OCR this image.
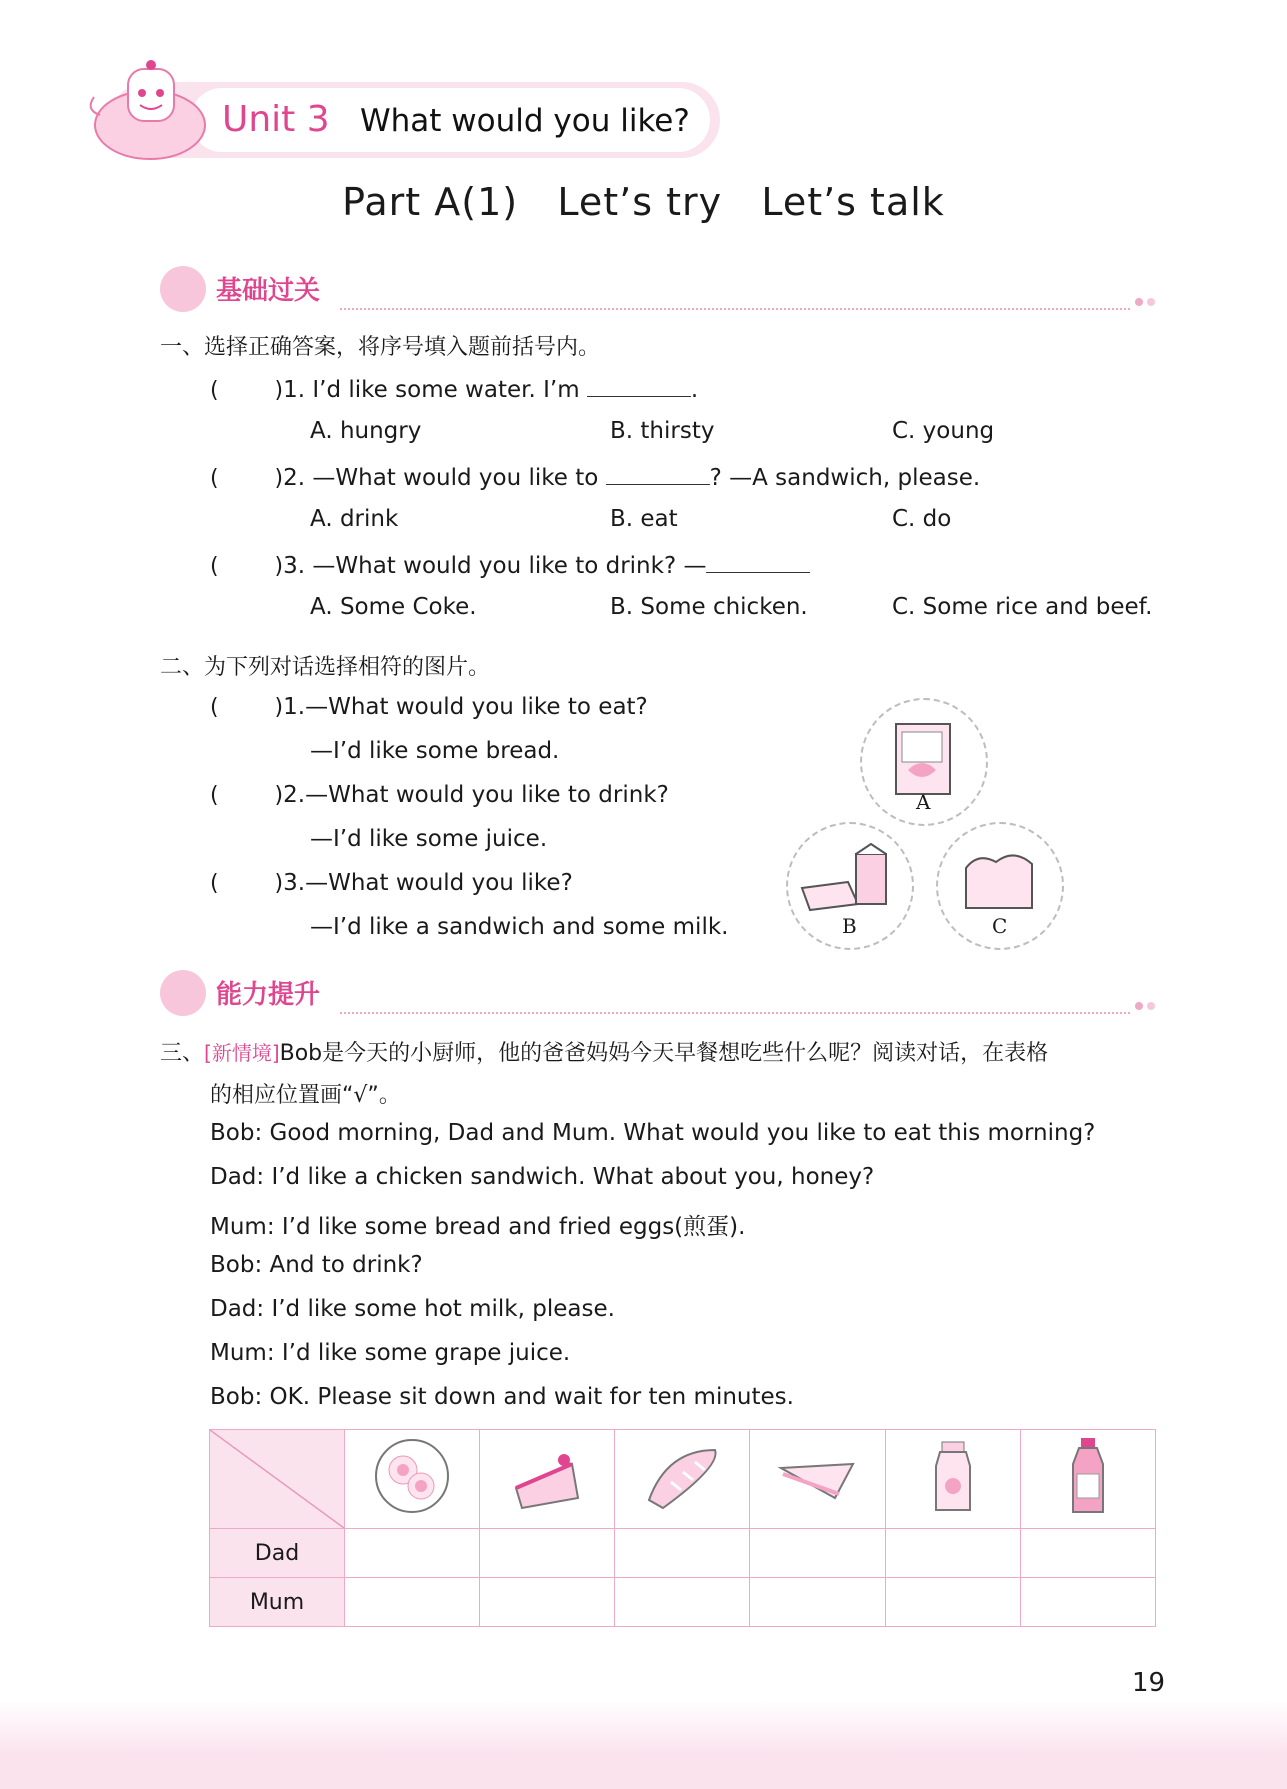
Unit 3 What would you like?
Part A(1)   Let’s try   Let’s talk
基础过关
一、选择正确答案，将序号填入题前括号内。
(        )1. I’d like some water. I’m	.
A. hungry	B. thirsty	C. young
(        )2. —What would you like to	? —A sandwich, please.
A. drink	B. eat	C. do
(        )3. —What would you like to drink? —
A. Some Coke.	B. Some chicken.	C. Some rice and beef.
二、为下列对话选择相符的图片。
(        )1.—What would you like to eat?
—I’d like some bread.
(        )2.—What would you like to drink?
—I’d like some juice.
(        )3.—What would you like?
—I’d like a sandwich and some milk.
A
B	C
能力提升
三、[新情境]Bob是今天的小厨师，他的爸爸妈妈今天早餐想吃些什么呢？阅读对话，在表格
的相应位置画“√”。
Bob: Good morning, Dad and Mum. What would you like to eat this morning?
Dad: I’d like a chicken sandwich. What about you, honey?
Mum: I’d like some bread and fried eggs(煎蛋).
Bob: And to drink?
Dad: I’d like some hot milk, please.
Mum: I’d like some grape juice.
Bob: OK. Please sit down and wait for ten minutes.

Dad						
Mum						
19
